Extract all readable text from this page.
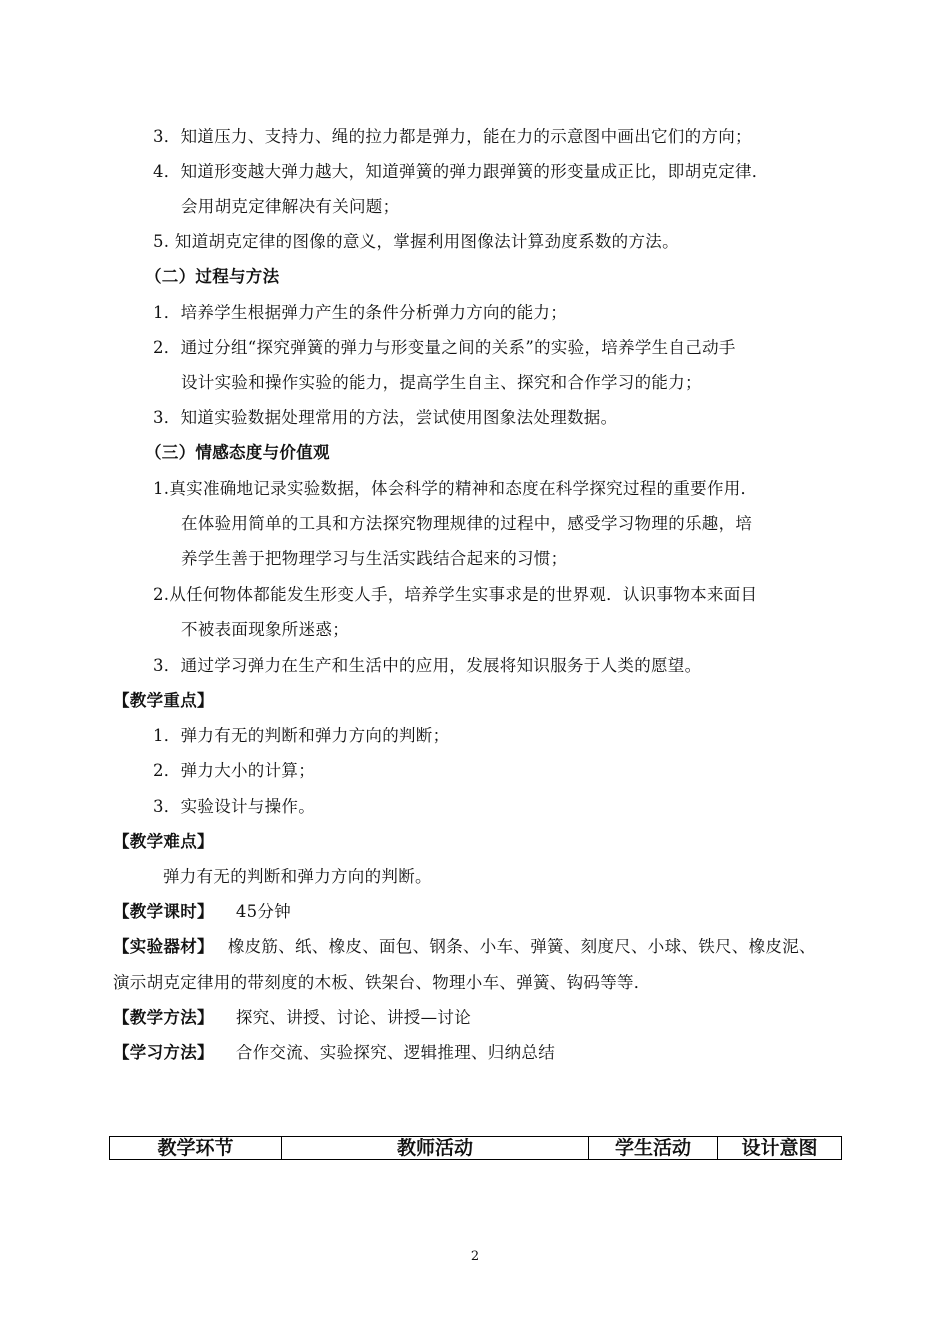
3．知道压力、支持力、绳的拉力都是弹力，能在力的示意图中画出它们的方向；
4．知道形变越大弹力越大，知道弹簧的弹力跟弹簧的形变量成正比，即胡克定律．
会用胡克定律解决有关问题；
5. 知道胡克定律的图像的意义，掌握利用图像法计算劲度系数的方法。
（二）过程与方法
1．培养学生根据弹力产生的条件分析弹力方向的能力；
2．通过分组“探究弹簧的弹力与形变量之间的关系”的实验，培养学生自己动手
设计实验和操作实验的能力，提高学生自主、探究和合作学习的能力；
3．知道实验数据处理常用的方法，尝试使用图象法处理数据。
（三）情感态度与价值观
1.真实准确地记录实验数据，体会科学的精神和态度在科学探究过程的重要作用．
在体验用简单的工具和方法探究物理规律的过程中，感受学习物理的乐趣，培
养学生善于把物理学习与生活实践结合起来的习惯；
2.从任何物体都能发生形变人手，培养学生实事求是的世界观．认识事物本来面目
不被表面现象所迷惑；
3．通过学习弹力在生产和生活中的应用，发展将知识服务于人类的愿望。
【教学重点】
1．弹力有无的判断和弹力方向的判断；
2．弹力大小的计算；
3．实验设计与操作。
【教学难点】
弹力有无的判断和弹力方向的判断。
【教学课时】 45分钟
【实验器材】 橡皮筋、纸、橡皮、面包、钢条、小车、弹簧、刻度尺、小球、铁尺、橡皮泥、
演示胡克定律用的带刻度的木板、铁架台、物理小车、弹簧、钩码等等．
【教学方法】 探究、讲授、讨论、讲授—讨论
【学习方法】 合作交流、实验探究、逻辑推理、归纳总结
教学环节	教师活动	学生活动	设计意图
2
